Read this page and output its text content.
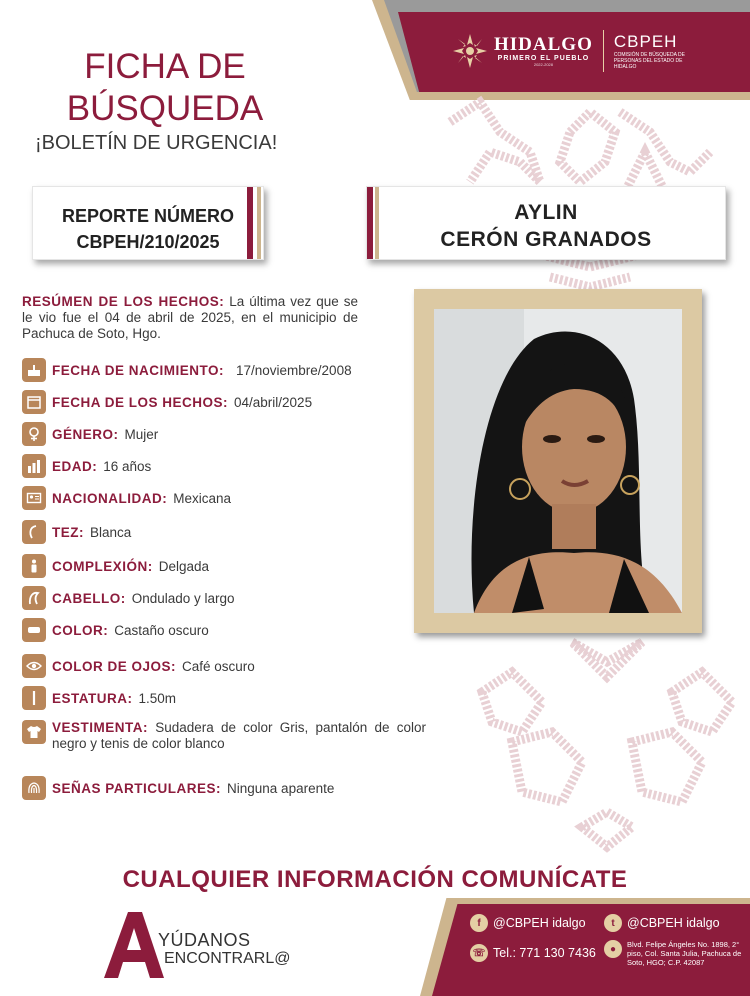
HIDALGO
PRIMERO EL PUEBLO
2022-2028
CBPEH
COMISIÓN DE BÚSQUEDA DE PERSONAS DEL ESTADO DE HIDALGO
FICHA DE
BÚSQUEDA
¡BOLETÍN DE URGENCIA!
REPORTE NÚMERO
CBPEH/210/2025
AYLIN
CERÓN GRANADOS
RESÚMEN DE LOS HECHOS: La última vez que se le vio fue el 04 de abril de 2025, en el municipio de Pachuca de Soto, Hgo.
FECHA DE NACIMIENTO: 17/noviembre/2008
FECHA DE LOS HECHOS: 04/abril/2025
GÉNERO: Mujer
EDAD: 16 años
NACIONALIDAD: Mexicana
TEZ: Blanca
COMPLEXIÓN: Delgada
CABELLO: Ondulado y largo
COLOR: Castaño oscuro
COLOR DE OJOS: Café oscuro
ESTATURA: 1.50m
VESTIMENTA: Sudadera de color Gris, pantalón de color negro y tenis de color blanco
SEÑAS PARTICULARES: Ninguna aparente
CUALQUIER INFORMACIÓN COMUNÍCATE
YÚDANOS
ENCONTRARL@
f @CBPEH idalgo	t @CBPEH idalgo
☏ Tel.: 771 130 7436	●	Blvd. Felipe Ángeles No. 1898, 2° piso, Col. Santa Julia, Pachuca de Soto, HGO; C.P. 42087
